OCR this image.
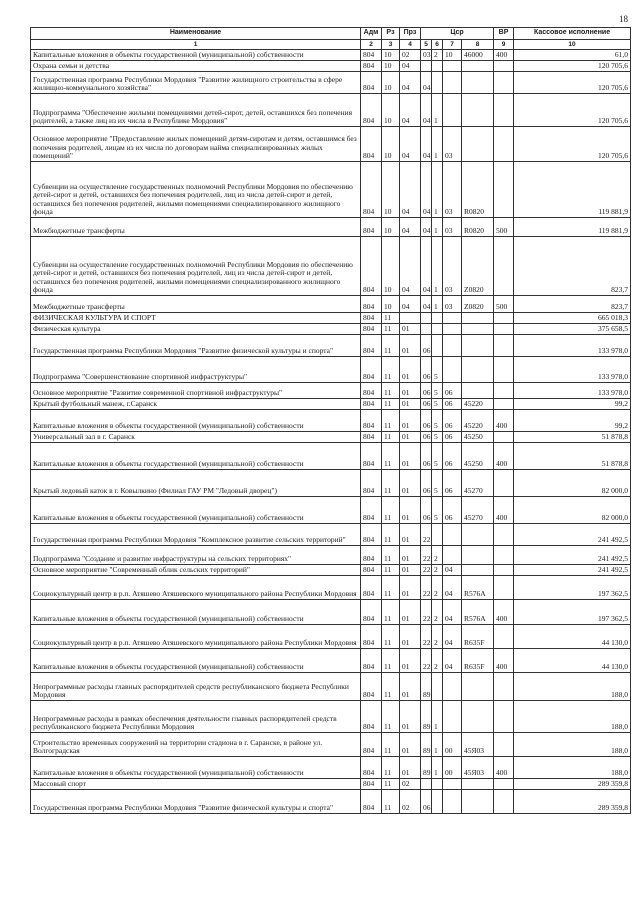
18
Наименование	Адм	Рз	Прз	Цср				ВР	Кассовое исполнение
1	2	3	4	5	6	7	8	9	10
Капитальные вложения в объекты государственной (муниципальной) собственности	804	10	02	03	2	10	46000	400	61,0
Охрана семьи и детства	804	10	04						120 705,6
Государственная программа Республики Мордовия "Развитие жилищного строительства в сфере жилищно-коммунального хозяйства"	804	10	04	04					120 705,6
Подпрограмма "Обеспечение жилыми помещениями детей-сирот, детей, оставшихся без попечения родителей, а также лиц из их числа в Республике Мордовия"	804	10	04	04	1				120 705,6
Основное мероприятие "Предоставление жилых помещений детям-сиротам и детям, оставшимся без попечения родителей, лицам из их числа по договорам найма специализированных жилых помещений"	804	10	04	04	1	03			120 705,6
Субвенции на осуществление государственных полномочий Республики Мордовия по обеспечению детей-сирот и детей, оставшихся без попечения родителей, лиц из числа детей-сирот и детей, оставшихся без попечения родителей, жилыми помещениями специализированного жилищного фонда	804	10	04	04	1	03	R0820		119 881,9
Межбюджетные трансферты	804	10	04	04	1	03	R0820	500	119 881,9
Субвенции на осуществление государственных полномочий Республики Мордовия по обеспечению детей-сирот и детей, оставшихся без попечения родителей, лиц из числа детей-сирот и детей, оставшихся без попечения родителей, жилыми помещениями специализированного жилищного фонда	804	10	04	04	1	03	Z0820		823,7
Межбюджетные трансферты	804	10	04	04	1	03	Z0820	500	823,7
ФИЗИЧЕСКАЯ КУЛЬТУРА И СПОРТ	804	11							665 018,3
Физическая культура	804	11	01						375 658,5
Государственная программа Республики Мордовия "Развитие физической культуры и спорта"	804	11	01	06					133 978,0
Подпрограмма "Совершенствование спортивной инфраструктуры"	804	11	01	06	5				133 978,0
Основное мероприятие "Развитие современной спортивной инфраструктуры"	804	11	01	06	5	06			133 978,0
Крытый футбольный манеж, г.Саранск	804	11	01	06	5	06	45220		99,2
Капитальные вложения в объекты государственной (муниципальной) собственности	804	11	01	06	5	06	45220	400	99,2
Универсальный зал в г. Саранск	804	11	01	06	5	06	45250		51 878,8
Капитальные вложения в объекты государственной (муниципальной) собственности	804	11	01	06	5	06	45250	400	51 878,8
Крытый ледовый каток в г. Ковылкино (Филиал ГАУ РМ "Ледовый дворец")	804	11	01	06	5	06	45270		82 000,0
Капитальные вложения в объекты государственной (муниципальной) собственности	804	11	01	06	5	06	45270	400	82 000,0
Государственная программа Республики Мордовия "Комплексное развитие сельских территорий"	804	11	01	22					241 492,5
Подпрограмма "Создание и развитие инфраструктуры на сельских территориях"	804	11	01	22	2				241 492,5
Основное мероприятие "Современный облик сельских территорий"	804	11	01	22	2	04			241 492,5
Социокультурный центр в р.п. Атяшево Атяшевского муниципального района Республики Мордовия	804	11	01	22	2	04	R576A		197 362,5
Капитальные вложения в объекты государственной (муниципальной) собственности	804	11	01	22	2	04	R576A	400	197 362,5
Социокультурный центр в р.п. Атяшево Атяшевского муниципального района Республики Мордовия	804	11	01	22	2	04	R635F		44 130,0
Капитальные вложения в объекты государственной (муниципальной) собственности	804	11	01	22	2	04	R635F	400	44 130,0
Непрограммные расходы главных распорядителей средств республиканского бюджета Республики Мордовия	804	11	01	89					188,0
Непрограммные расходы в рамках обеспечения деятельности главных распорядителей средств республиканского бюджета Республики Мордовия	804	11	01	89	1				188,0
Строительство временных сооружений на территории стадиона в г. Саранске, в районе ул. Волгоградская	804	11	01	89	1	00	45Я03		188,0
Капитальные вложения в объекты государственной (муниципальной) собственности	804	11	01	89	1	00	45Я03	400	188,0
Массовый спорт	804	11	02						289 359,8
Государственная программа Республики Мордовия "Развитие физической культуры и спорта"	804	11	02	06					289 359,8
